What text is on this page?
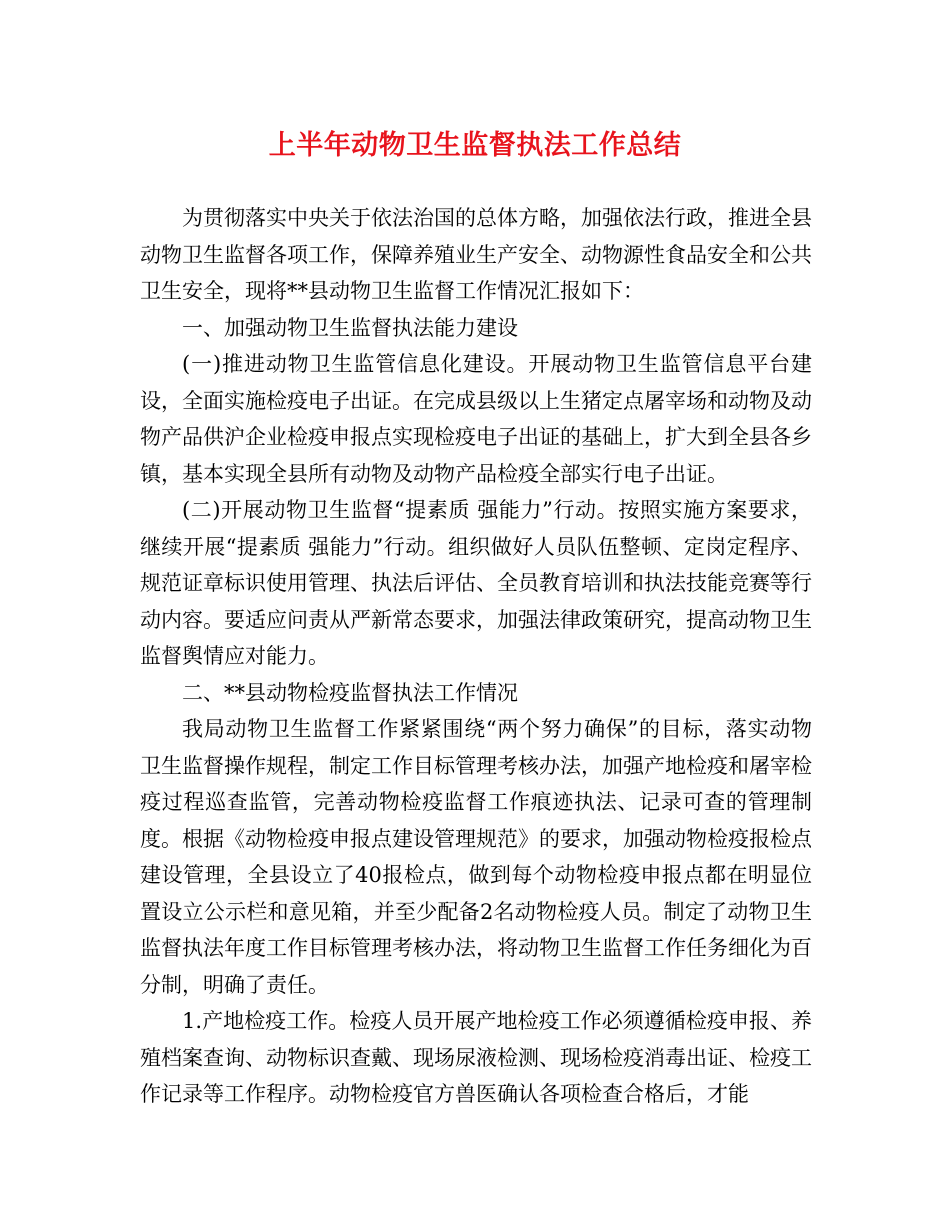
上半年动物卫生监督执法工作总结

为贯彻落实中央关于依法治国的总体方略，加强依法行政，推进全县动物卫生监督各项工作，保障养殖业生产安全、动物源性食品安全和公共卫生安全，现将**县动物卫生监督工作情况汇报如下：

一、加强动物卫生监督执法能力建设

(一)推进动物卫生监管信息化建设。开展动物卫生监管信息平台建设，全面实施检疫电子出证。在完成县级以上生猪定点屠宰场和动物及动物产品供沪企业检疫申报点实现检疫电子出证的基础上，扩大到全县各乡镇，基本实现全县所有动物及动物产品检疫全部实行电子出证。

(二)开展动物卫生监督“提素质 强能力”行动。按照实施方案要求，继续开展“提素质 强能力”行动。组织做好人员队伍整顿、定岗定程序、规范证章标识使用管理、执法后评估、全员教育培训和执法技能竞赛等行动内容。要适应问责从严新常态要求，加强法律政策研究，提高动物卫生监督舆情应对能力。

二、**县动物检疫监督执法工作情况

我局动物卫生监督工作紧紧围绕“两个努力确保”的目标，落实动物卫生监督操作规程，制定工作目标管理考核办法，加强产地检疫和屠宰检疫过程巡查监管，完善动物检疫监督工作痕迹执法、记录可查的管理制度。根据《动物检疫申报点建设管理规范》的要求，加强动物检疫报检点建设管理，全县设立了40报检点，做到每个动物检疫申报点都在明显位置设立公示栏和意见箱，并至少配备2名动物检疫人员。制定了动物卫生监督执法年度工作目标管理考核办法，将动物卫生监督工作任务细化为百分制，明确了责任。

1.产地检疫工作。检疫人员开展产地检疫工作必须遵循检疫申报、养殖档案查询、动物标识查戴、现场尿液检测、现场检疫消毒出证、检疫工作记录等工作程序。动物检疫官方兽医确认各项检查合格后，才能
